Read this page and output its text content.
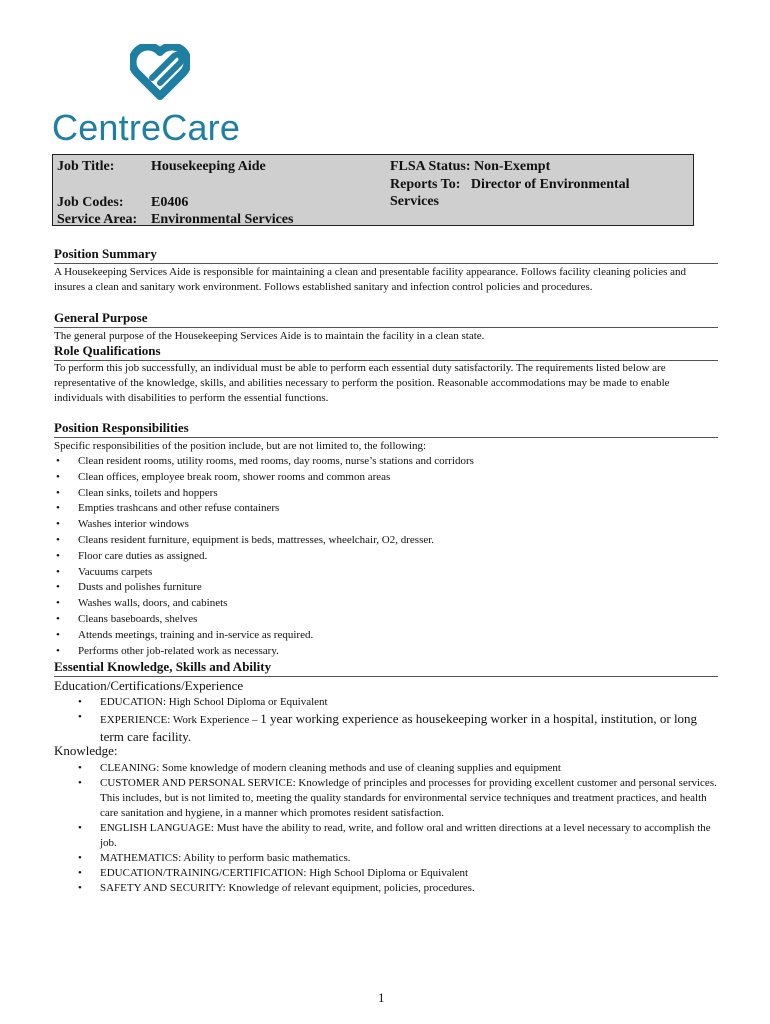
CentreCare
Job Title:	Housekeeping Aide
Job Codes: E0406
Service Area: Environmental Services
FLSA Status: Non-Exempt
Reports To:   Director of Environmental
Services
Position Summary
A Housekeeping Services Aide is responsible for maintaining a clean and presentable facility appearance. Follows facility cleaning policies and insures a clean and sanitary work environment. Follows established sanitary and infection control policies and procedures.
General Purpose
The general purpose of the Housekeeping Services Aide is to maintain the facility in a clean state.
Role Qualifications
To perform this job successfully, an individual must be able to perform each essential duty satisfactorily. The requirements listed below are representative of the knowledge, skills, and abilities necessary to perform the position. Reasonable accommodations may be made to enable individuals with disabilities to perform the essential functions.
Position Responsibilities
Specific responsibilities of the position include, but are not limited to, the following:
• Clean resident rooms, utility rooms, med rooms, day rooms, nurse’s stations and corridors
• Clean offices, employee break room, shower rooms and common areas
• Clean sinks, toilets and hoppers
• Empties trashcans and other refuse containers
• Washes interior windows
• Cleans resident furniture, equipment is beds, mattresses, wheelchair, O2, dresser.
• Floor care duties as assigned.
• Vacuums carpets
• Dusts and polishes furniture
• Washes walls, doors, and cabinets
• Cleans baseboards, shelves
• Attends meetings, training and in-service as required.
• Performs other job-related work as necessary.
Essential Knowledge, Skills and Ability
Education/Certifications/Experience
• EDUCATION: High School Diploma or Equivalent
• EXPERIENCE: Work Experience – 1 year working experience as housekeeping worker in a hospital, institution, or long term care facility.
Knowledge:
• CLEANING: Some knowledge of modern cleaning methods and use of cleaning supplies and equipment
• CUSTOMER AND PERSONAL SERVICE: Knowledge of principles and processes for providing excellent customer and personal services. This includes, but is not limited to, meeting the quality standards for environmental service techniques and treatment practices, and health care sanitation and hygiene, in a manner which promotes resident satisfaction.
• ENGLISH LANGUAGE: Must have the ability to read, write, and follow oral and written directions at a level necessary to accomplish the job.
• MATHEMATICS: Ability to perform basic mathematics.
• EDUCATION/TRAINING/CERTIFICATION: High School Diploma or Equivalent
• SAFETY AND SECURITY: Knowledge of relevant equipment, policies, procedures.
1
